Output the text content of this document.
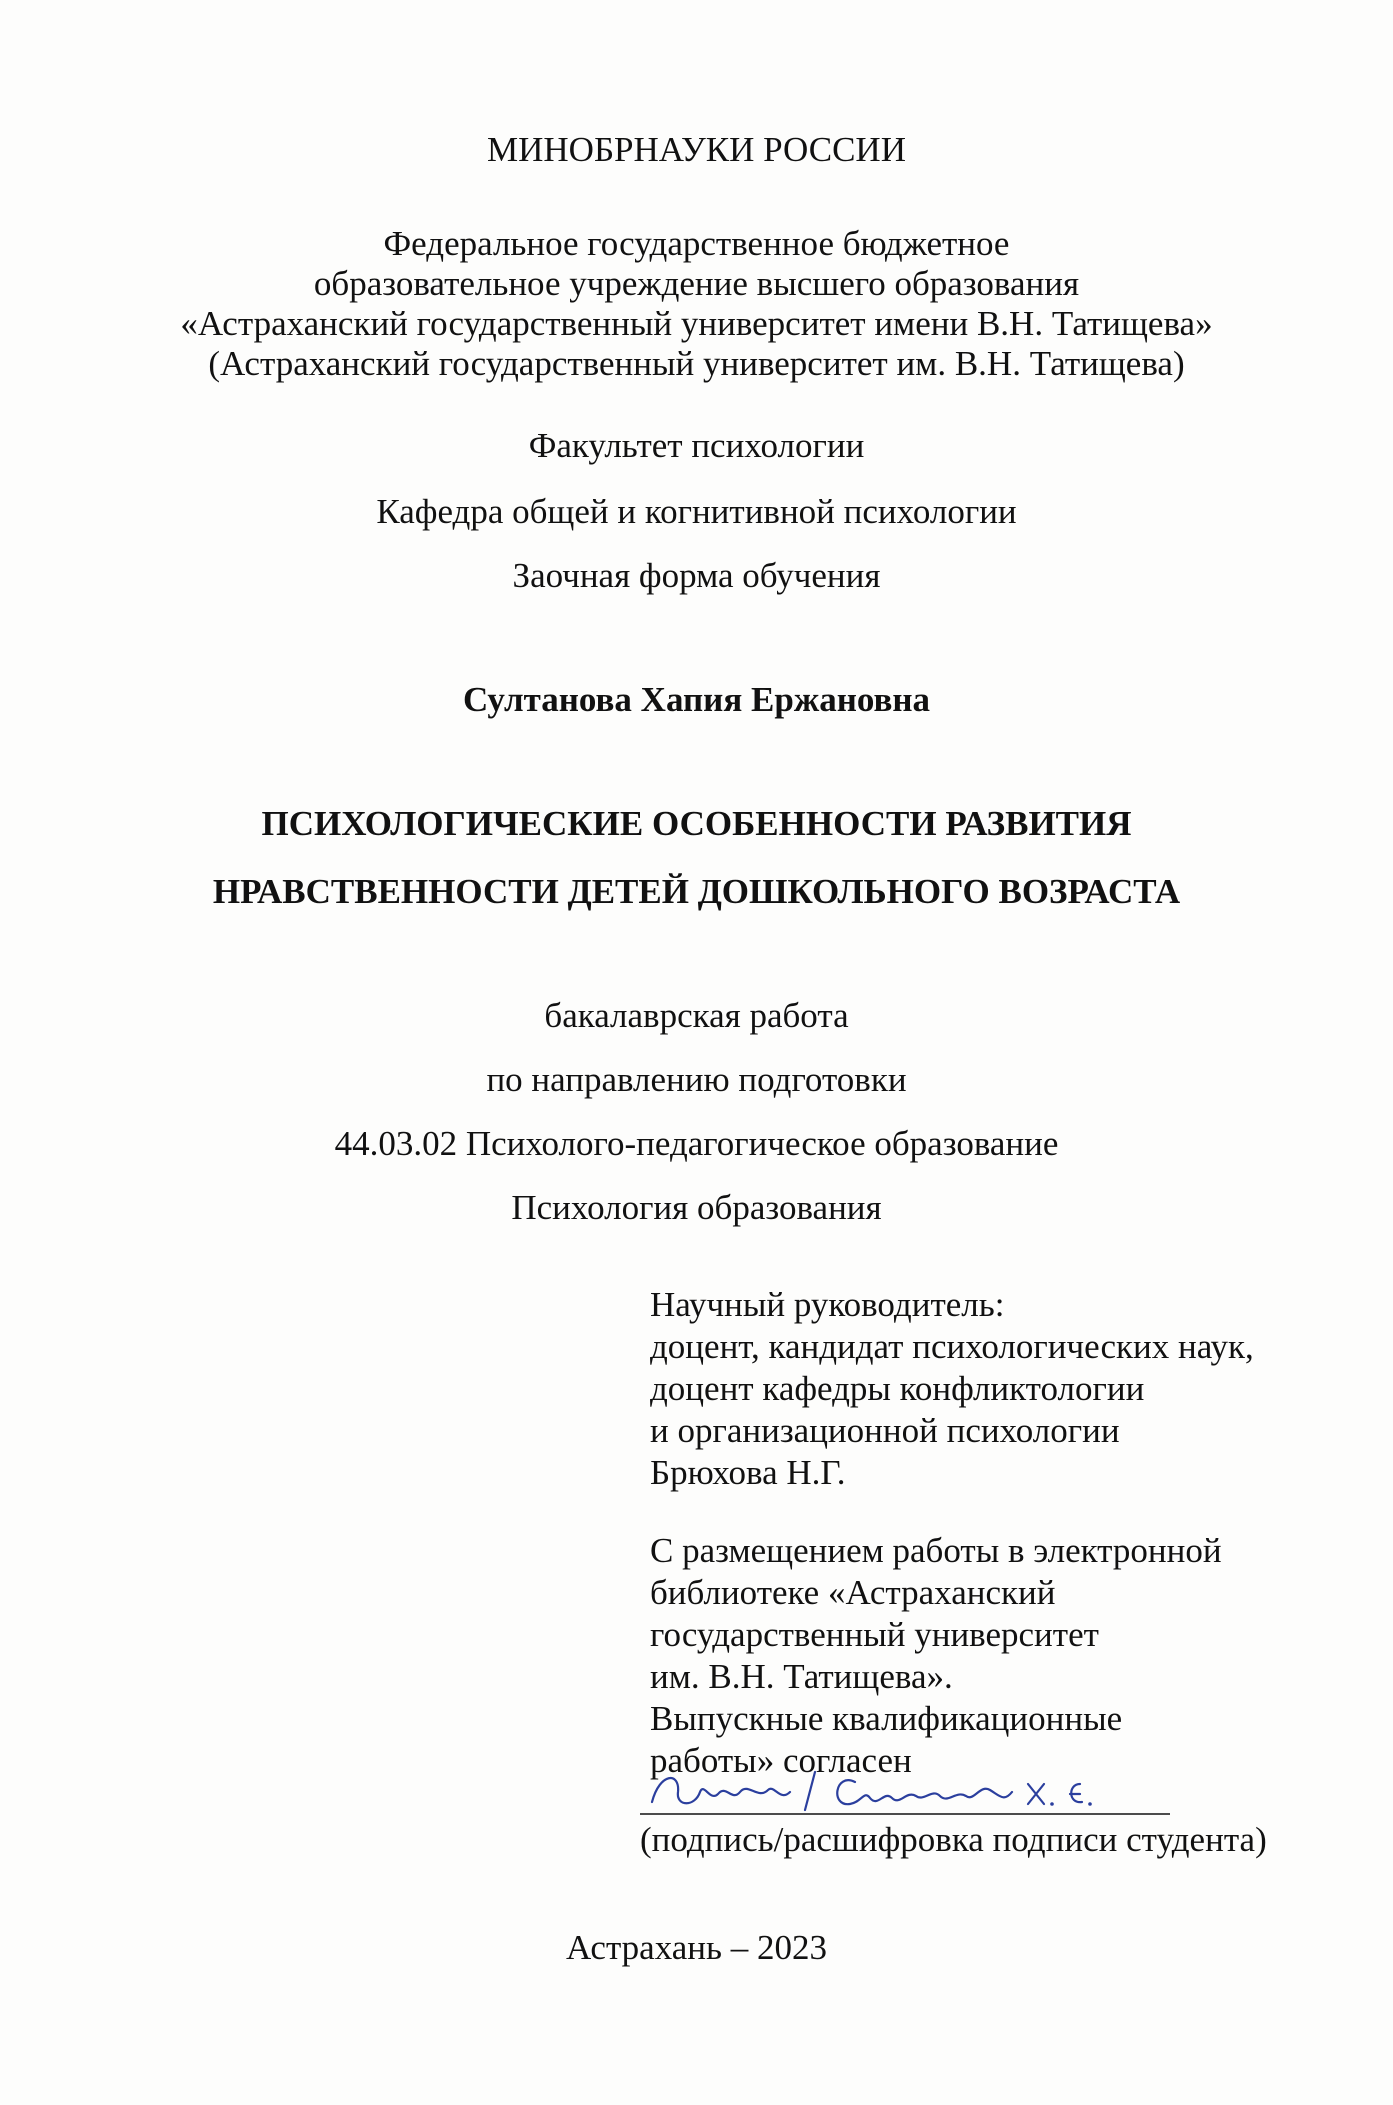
МИНОБРНАУКИ РОССИИ
Федеральное государственное бюджетное
образовательное учреждение высшего образования
«Астраханский государственный университет имени В.Н. Татищева»
(Астраханский государственный университет им. В.Н. Татищева)
Факультет психологии
Кафедра общей и когнитивной психологии
Заочная форма обучения
Султанова Хапия Ержановна
ПСИХОЛОГИЧЕСКИЕ ОСОБЕННОСТИ РАЗВИТИЯ
НРАВСТВЕННОСТИ ДЕТЕЙ ДОШКОЛЬНОГО ВОЗРАСТА
бакалаврская работа
по направлению подготовки
44.03.02 Психолого-педагогическое образование
Психология образования
Научный руководитель:
доцент, кандидат психологических наук,
доцент кафедры конфликтологии
и организационной психологии
Брюхова Н.Г.
С размещением работы в электронной
библиотеке «Астраханский
государственный университет
им. В.Н. Татищева».
Выпускные квалификационные
работы» согласен
(подпись/расшифровка подписи студента)
Астрахань – 2023
